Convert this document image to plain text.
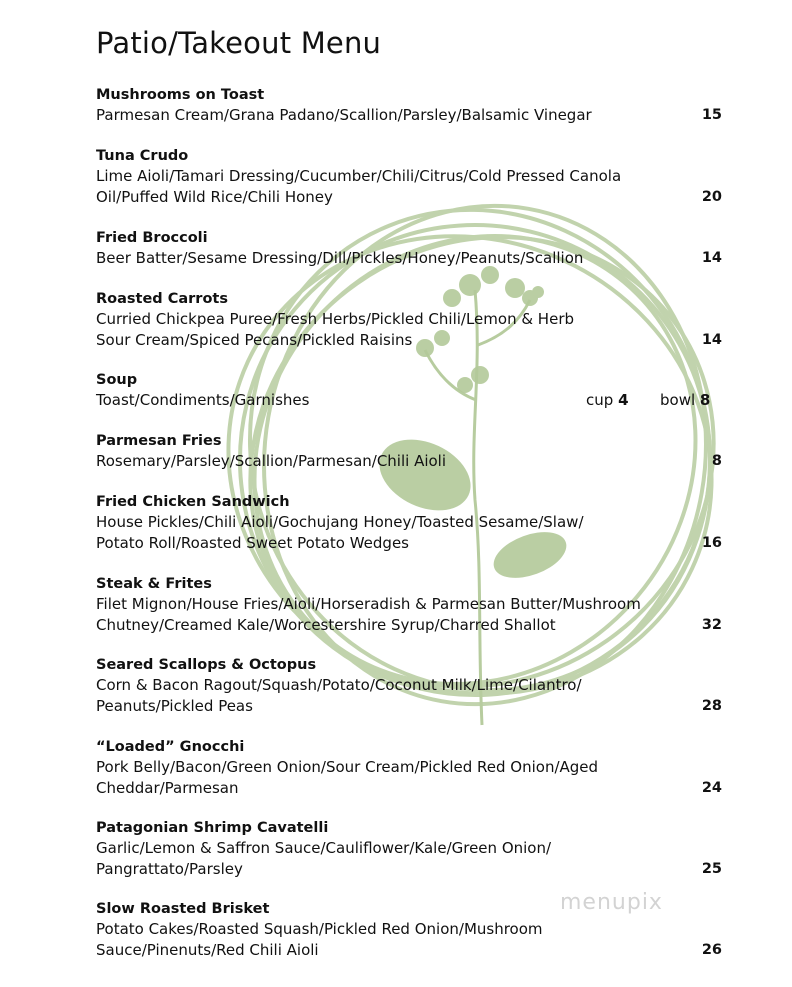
Patio/Takeout Menu
Mushrooms on Toast
Parmesan Cream/Grana Padano/Scallion/Parsley/Balsamic Vinegar	15
Tuna Crudo
Lime Aioli/Tamari Dressing/Cucumber/Chili/Citrus/Cold Pressed Canola
Oil/Puffed Wild Rice/Chili Honey	20
Fried Broccoli
Beer Batter/Sesame Dressing/Dill/Pickles/Honey/Peanuts/Scallion	14
Roasted Carrots
Curried Chickpea Puree/Fresh Herbs/Pickled Chili/Lemon & Herb
Sour Cream/Spiced Pecans/Pickled Raisins	14
Soup
Toast/Condiments/Garnishes	cup 4 bowl 8
Parmesan Fries
Rosemary/Parsley/Scallion/Parmesan/Chili Aioli	8
Fried Chicken Sandwich
House Pickles/Chili Aioli/Gochujang Honey/Toasted Sesame/Slaw/
Potato Roll/Roasted Sweet Potato Wedges	16
Steak & Frites
Filet Mignon/House Fries/Aioli/Horseradish & Parmesan Butter/Mushroom
Chutney/Creamed Kale/Worcestershire Syrup/Charred Shallot	32
Seared Scallops & Octopus
Corn & Bacon Ragout/Squash/Potato/Coconut Milk/Lime/Cilantro/
Peanuts/Pickled Peas	28
“Loaded” Gnocchi
Pork Belly/Bacon/Green Onion/Sour Cream/Pickled Red Onion/Aged
Cheddar/Parmesan	24
Patagonian Shrimp Cavatelli
Garlic/Lemon & Saffron Sauce/Cauliflower/Kale/Green Onion/
Pangrattato/Parsley	25
Slow Roasted Brisket
Potato Cakes/Roasted Squash/Pickled Red Onion/Mushroom
Sauce/Pinenuts/Red Chili Aioli	26
menupix
